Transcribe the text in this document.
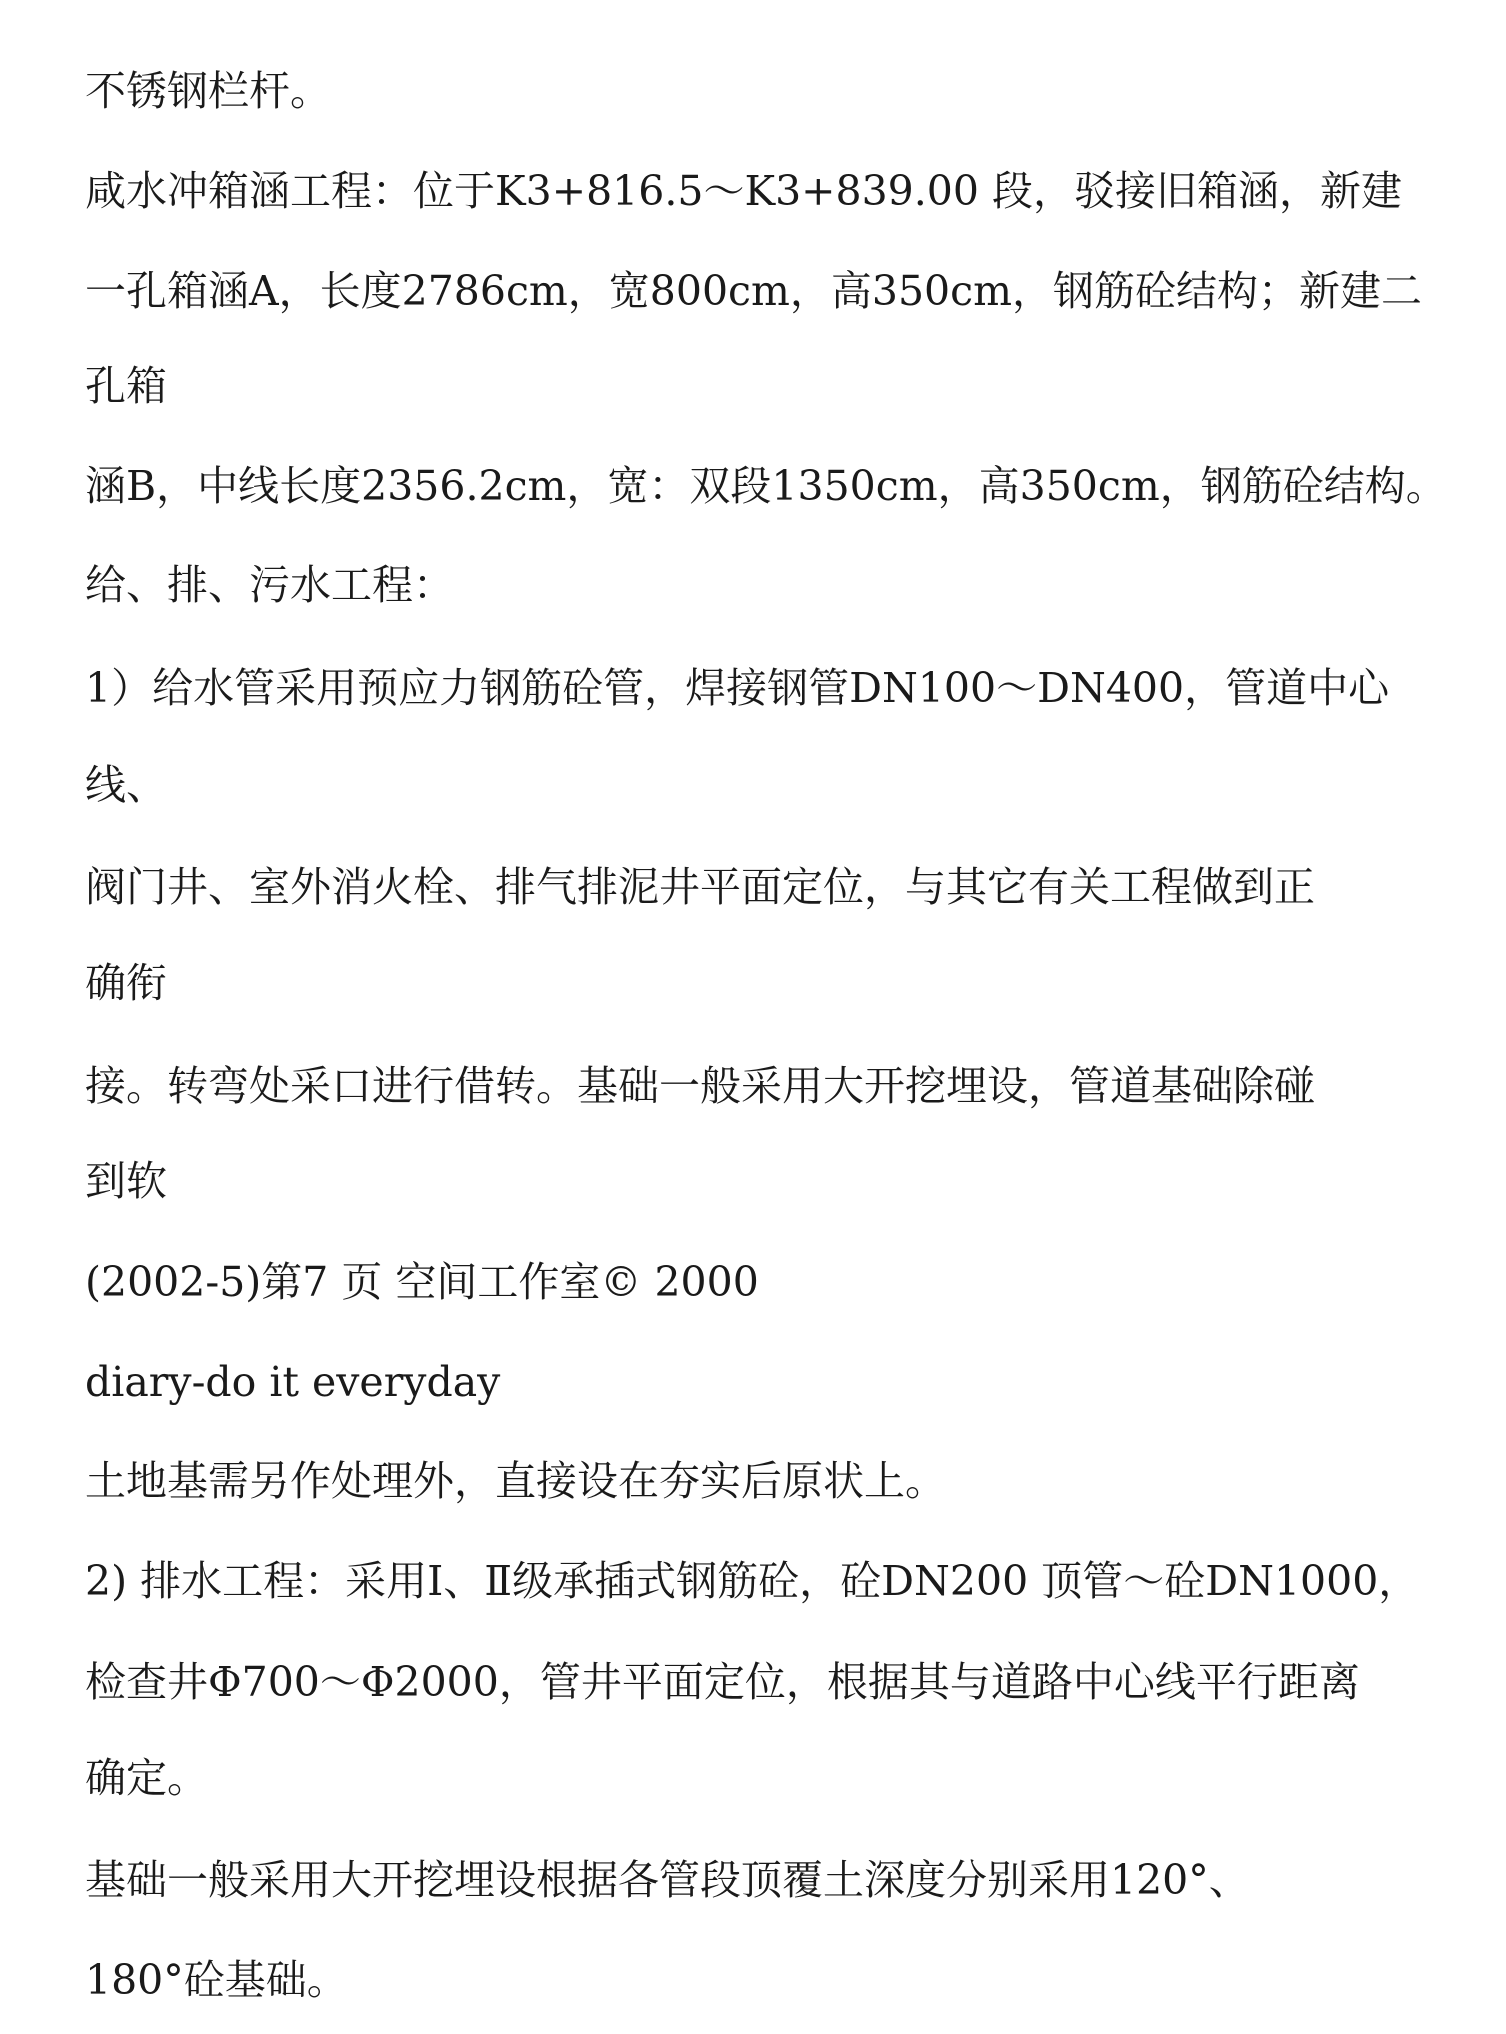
不锈钢栏杆。

咸水冲箱涵工程：位于K3+816.5～K3+839.00 段，驳接旧箱涵，新建

一孔箱涵A，长度2786cm，宽800cm，高350cm，钢筋砼结构；新建二

孔箱

涵B，中线长度2356.2cm，宽：双段1350cm，高350cm，钢筋砼结构。

给、排、污水工程：

1）给水管采用预应力钢筋砼管，焊接钢管DN100～DN400，管道中心

线、

阀门井、室外消火栓、排气排泥井平面定位，与其它有关工程做到正

确衔

接。转弯处采口进行借转。基础一般采用大开挖埋设，管道基础除碰

到软

(2002-5)第7 页 空间工作室© 2000

diary-do it everyday

土地基需另作处理外，直接设在夯实后原状上。

2) 排水工程：采用Ⅰ、Ⅱ级承插式钢筋砼，砼DN200 顶管～砼DN1000，

检查井Φ700～Φ2000，管井平面定位，根据其与道路中心线平行距离

确定。

基础一般采用大开挖埋设根据各管段顶覆土深度分别采用120°、

180°砼基础。
